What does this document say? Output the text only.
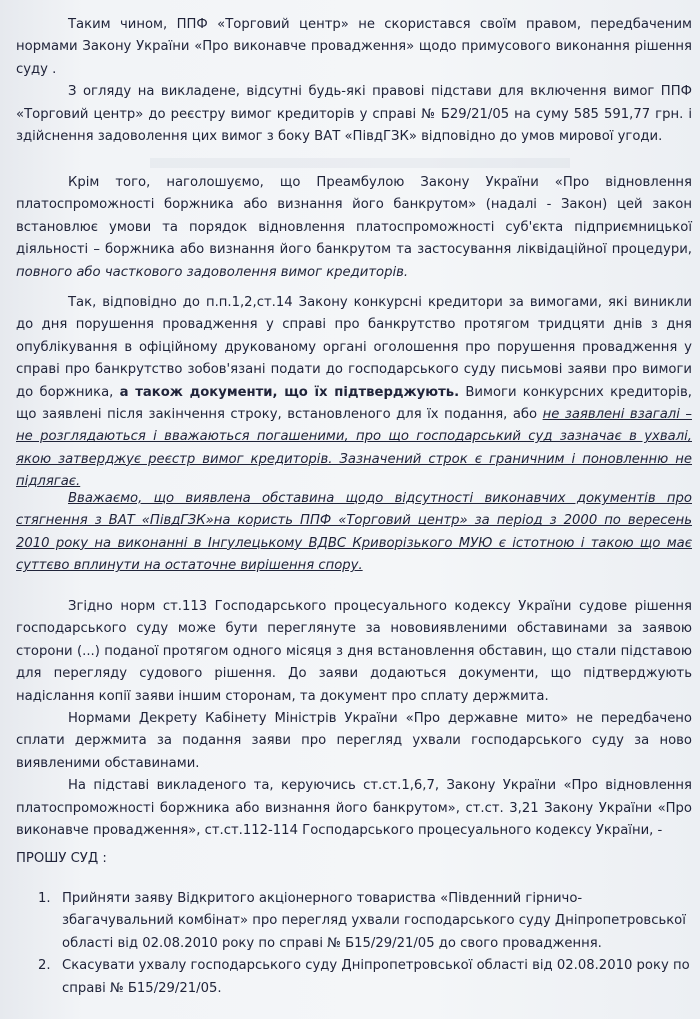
Таким чином, ППФ «Торговий центр» не скористався своїм правом, передбаченим нормами Закону України «Про виконавче провадження» щодо примусового виконання рішення суду .

З огляду на викладене, відсутні будь-які правові підстави для включення вимог ППФ «Торговий центр» до реєстру вимог кредиторів у справі № Б29/21/05 на суму 585 591,77 грн. і здійснення задоволення цих вимог з боку ВАТ «ПівдГЗК» відповідно до умов мирової угоди.

Крім того, наголошуємо, що Преамбулою Закону України «Про відновлення платоспроможності боржника або визнання його банкрутом» (надалі - Закон) цей закон встановлює умови та порядок відновлення платоспроможності суб'єкта підприємницької діяльності – боржника або визнання його банкрутом та застосування ліквідаційної процедури, повного або часткового задоволення вимог кредиторів.

Так, відповідно до п.п.1,2,ст.14 Закону конкурсні кредитори за вимогами, які виникли до дня порушення провадження у справі про банкрутство протягом тридцяти днів з дня опублікування в офіційному друкованому органі оголошення про порушення провадження у справі про банкрутство зобов'язані подати до господарського суду письмові заяви про вимоги до боржника, а також документи, що їх підтверджують. Вимоги конкурсних кредиторів, що заявлені після закінчення строку, встановленого для їх подання, або не заявлені взагалі – не розглядаються і вважаються погашеними, про що господарський суд зазначає в ухвалі, якою затверджує реєстр вимог кредиторів. Зазначений строк є граничним і поновленню не підлягає.

Вважаємо, що виявлена обставина щодо відсутності виконавчих документів про стягнення з ВАТ «ПівдГЗК»на користь ППФ «Торговий центр» за період з 2000 по вересень 2010 року на виконанні в Інгулецькому ВДВС Криворізького МУЮ є істотною і такою що має суттєво вплинути на остаточне вирішення спору.

Згідно норм ст.113 Господарського процесуального кодексу України судове рішення господарського суду може бути переглянуте за нововиявленими обставинами за заявою сторони (...) поданої протягом одного місяця з дня встановлення обставин, що стали підставою для перегляду судового рішення. До заяви додаються документи, що підтверджують надіслання копії заяви іншим сторонам, та документ про сплату держмита.

Нормами Декрету Кабінету Міністрів України «Про державне мито» не передбачено сплати держмита за подання заяви про перегляд ухвали господарського суду за ново виявленими обставинами.

На підставі викладеного та, керуючись ст.ст.1,6,7, Закону України «Про відновлення платоспроможності боржника або визнання його банкрутом», ст.ст. 3,21 Закону України «Про виконавче провадження», ст.ст.112-114 Господарського процесуального кодексу України, -

ПРОШУ СУД :

1. Прийняти заяву Відкритого акціонерного товариства «Південний гірничо-збагачувальний комбінат» про перегляд ухвали господарського суду Дніпропетровської області від 02.08.2010 року по справі № Б15/29/21/05 до свого провадження.
2. Скасувати ухвалу господарського суду Дніпропетровської області від 02.08.2010 року по справі № Б15/29/21/05.
